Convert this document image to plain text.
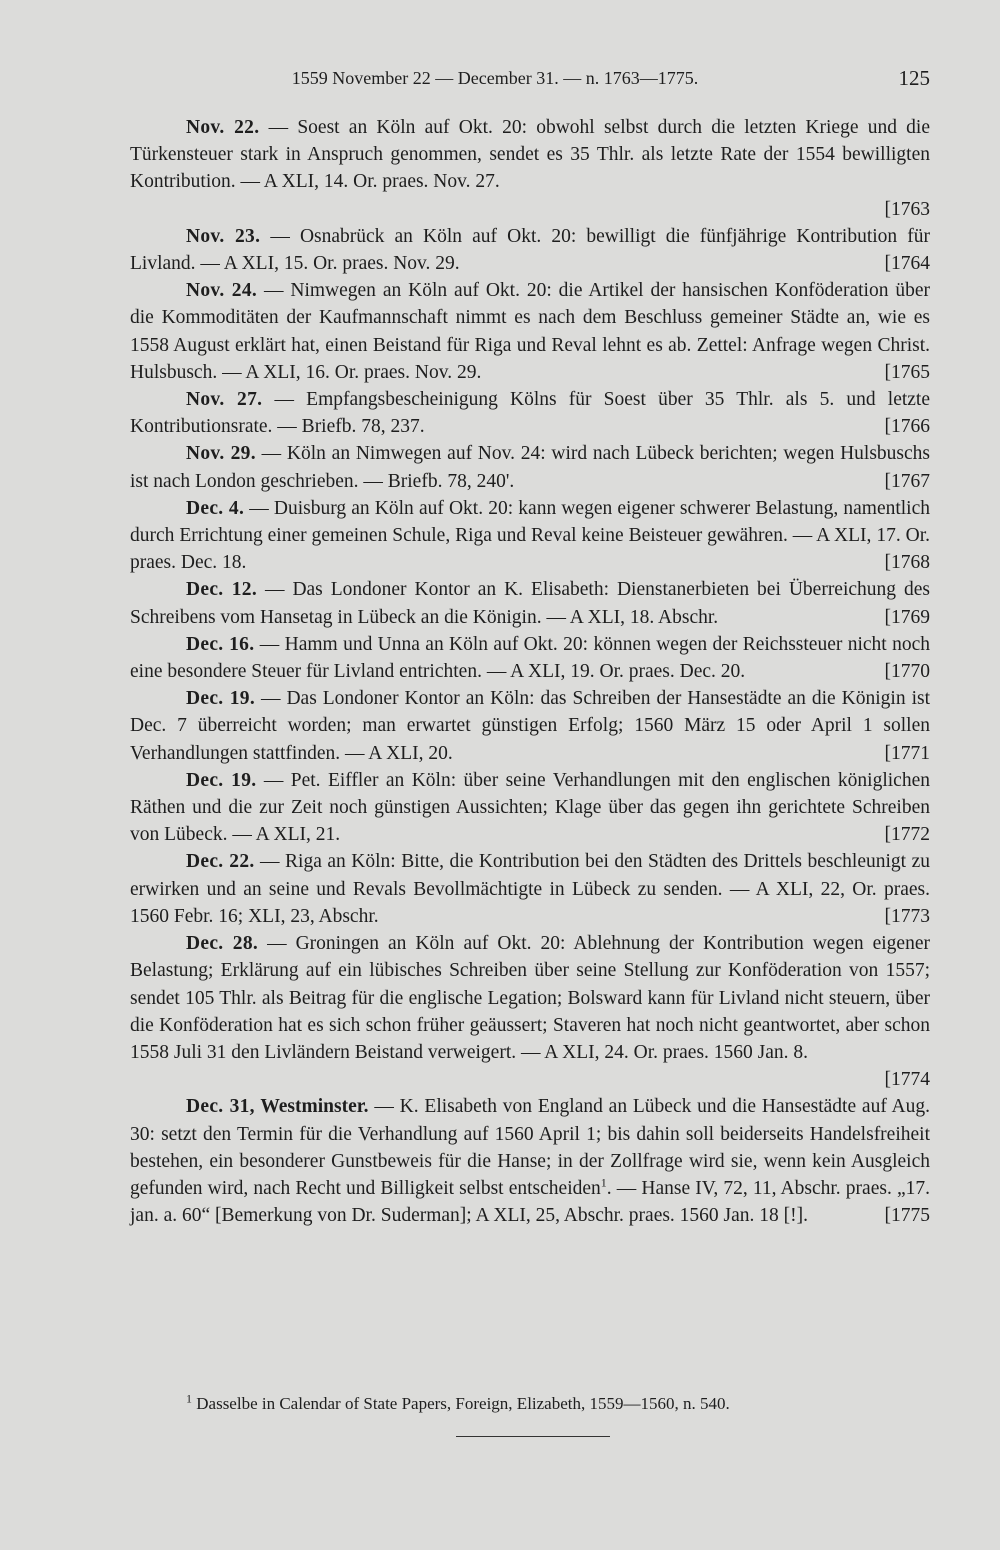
1559 November 22 — December 31. — n. 1763—1775.	125

Nov. 22. — Soest an Köln auf Okt. 20: obwohl selbst durch die letzten Kriege und die Türkensteuer stark in Anspruch genommen, sendet es 35 Thlr. als letzte Rate der 1554 bewilligten Kontribution. — A XLI, 14. Or. praes. Nov. 27.
[1763

Nov. 23. — Osnabrück an Köln auf Okt. 20: bewilligt die fünfjährige Kontribution für Livland. — A XLI, 15. Or. praes. Nov. 29.	[1764

Nov. 24. — Nimwegen an Köln auf Okt. 20: die Artikel der hansischen Konföderation über die Kommoditäten der Kaufmannschaft nimmt es nach dem Beschluss gemeiner Städte an, wie es 1558 August erklärt hat, einen Beistand für Riga und Reval lehnt es ab. Zettel: Anfrage wegen Christ. Hulsbusch. — A XLI, 16. Or. praes. Nov. 29.	[1765

Nov. 27. — Empfangsbescheinigung Kölns für Soest über 35 Thlr. als 5. und letzte Kontributionsrate. — Briefb. 78, 237.	[1766

Nov. 29. — Köln an Nimwegen auf Nov. 24: wird nach Lübeck berichten; wegen Hulsbuschs ist nach London geschrieben. — Briefb. 78, 240'.	[1767

Dec. 4. — Duisburg an Köln auf Okt. 20: kann wegen eigener schwerer Belastung, namentlich durch Errichtung einer gemeinen Schule, Riga und Reval keine Beisteuer gewähren. — A XLI, 17. Or. praes. Dec. 18.	[1768

Dec. 12. — Das Londoner Kontor an K. Elisabeth: Dienstanerbieten bei Überreichung des Schreibens vom Hansetag in Lübeck an die Königin. — A XLI, 18. Abschr.	[1769

Dec. 16. — Hamm und Unna an Köln auf Okt. 20: können wegen der Reichssteuer nicht noch eine besondere Steuer für Livland entrichten. — A XLI, 19. Or. praes. Dec. 20.	[1770

Dec. 19. — Das Londoner Kontor an Köln: das Schreiben der Hansestädte an die Königin ist Dec. 7 überreicht worden; man erwartet günstigen Erfolg; 1560 März 15 oder April 1 sollen Verhandlungen stattfinden. — A XLI, 20.	[1771

Dec. 19. — Pet. Eiffler an Köln: über seine Verhandlungen mit den englischen königlichen Räthen und die zur Zeit noch günstigen Aussichten; Klage über das gegen ihn gerichtete Schreiben von Lübeck. — A XLI, 21.	[1772

Dec. 22. — Riga an Köln: Bitte, die Kontribution bei den Städten des Drittels beschleunigt zu erwirken und an seine und Revals Bevollmächtigte in Lübeck zu senden. — A XLI, 22, Or. praes. 1560 Febr. 16; XLI, 23, Abschr.	[1773

Dec. 28. — Groningen an Köln auf Okt. 20: Ablehnung der Kontribution wegen eigener Belastung; Erklärung auf ein lübisches Schreiben über seine Stellung zur Konföderation von 1557; sendet 105 Thlr. als Beitrag für die englische Legation; Bolsward kann für Livland nicht steuern, über die Konföderation hat es sich schon früher geäussert; Staveren hat noch nicht geantwortet, aber schon 1558 Juli 31 den Livländern Beistand verweigert. — A XLI, 24. Or. praes. 1560 Jan. 8.
[1774

Dec. 31, Westminster. — K. Elisabeth von England an Lübeck und die Hansestädte auf Aug. 30: setzt den Termin für die Verhandlung auf 1560 April 1; bis dahin soll beiderseits Handelsfreiheit bestehen, ein besonderer Gunstbeweis für die Hanse; in der Zollfrage wird sie, wenn kein Ausgleich gefunden wird, nach Recht und Billigkeit selbst entscheiden$^1$. — Hanse IV, 72, 11, Abschr. praes. „17. jan. a. 60“ [Bemerkung von Dr. Suderman]; A XLI, 25, Abschr. praes. 1560 Jan. 18 [!].	[1775

$^1$ Dasselbe in Calendar of State Papers, Foreign, Elizabeth, 1559—1560, n. 540.
